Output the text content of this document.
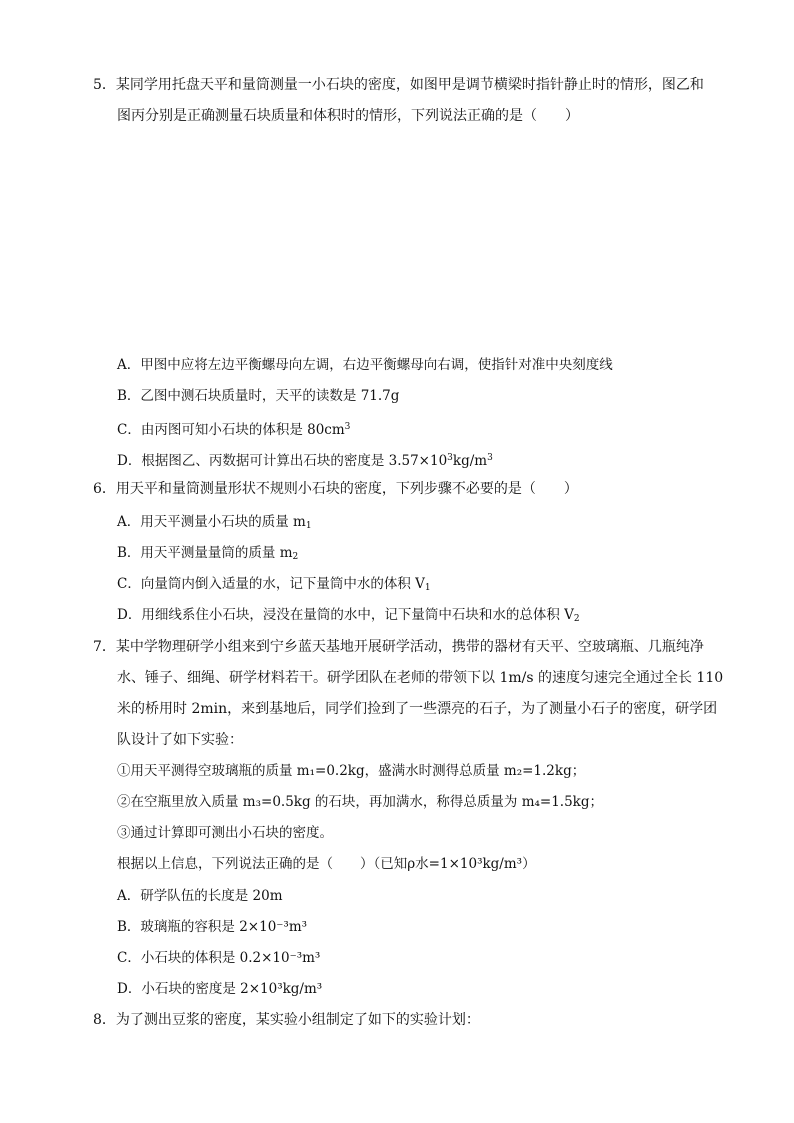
5．某同学用托盘天平和量筒测量一小石块的密度，如图甲是调节横梁时指针静止时的情形，图乙和
图丙分别是正确测量石块质量和体积时的情形，下列说法正确的是（　　）
A．甲图中应将左边平衡螺母向左调，右边平衡螺母向右调，使指针对准中央刻度线
B．乙图中测石块质量时，天平的读数是 71.7g
C．由丙图可知小石块的体积是 $80cm^3$
D．根据图乙、丙数据可计算出石块的密度是 $3.57\times 10^3kg/m^3$
6．用天平和量筒测量形状不规则小石块的密度，下列步骤不必要的是（　　）
A．用天平测量小石块的质量 $m_1$
B．用天平测量量筒的质量 $m_2$
C．向量筒内倒入适量的水，记下量筒中水的体积 $V_1$
D．用细线系住小石块，浸没在量筒的水中，记下量筒中石块和水的总体积 $V_2$
7．某中学物理研学小组来到宁乡蓝天基地开展研学活动，携带的器材有天平、空玻璃瓶、几瓶纯净
水、锤子、细绳、研学材料若干。研学团队在老师的带领下以 1m/s 的速度匀速完全通过全长 110
米的桥用时 2min，来到基地后，同学们捡到了一些漂亮的石子，为了测量小石子的密度，研学团
队设计了如下实验：
①用天平测得空玻璃瓶的质量 m₁=0.2kg，盛满水时测得总质量 m₂=1.2kg；
②在空瓶里放入质量 m₃=0.5kg 的石块，再加满水，称得总质量为 m₄=1.5kg；
③通过计算即可测出小石块的密度。
根据以上信息，下列说法正确的是（　　）（已知ρ水=1×10³kg/m³）
A．研学队伍的长度是 20m
B．玻璃瓶的容积是 2×10⁻³m³
C．小石块的体积是 0.2×10⁻³m³
D．小石块的密度是 2×10³kg/m³
8．为了测出豆浆的密度，某实验小组制定了如下的实验计划：
